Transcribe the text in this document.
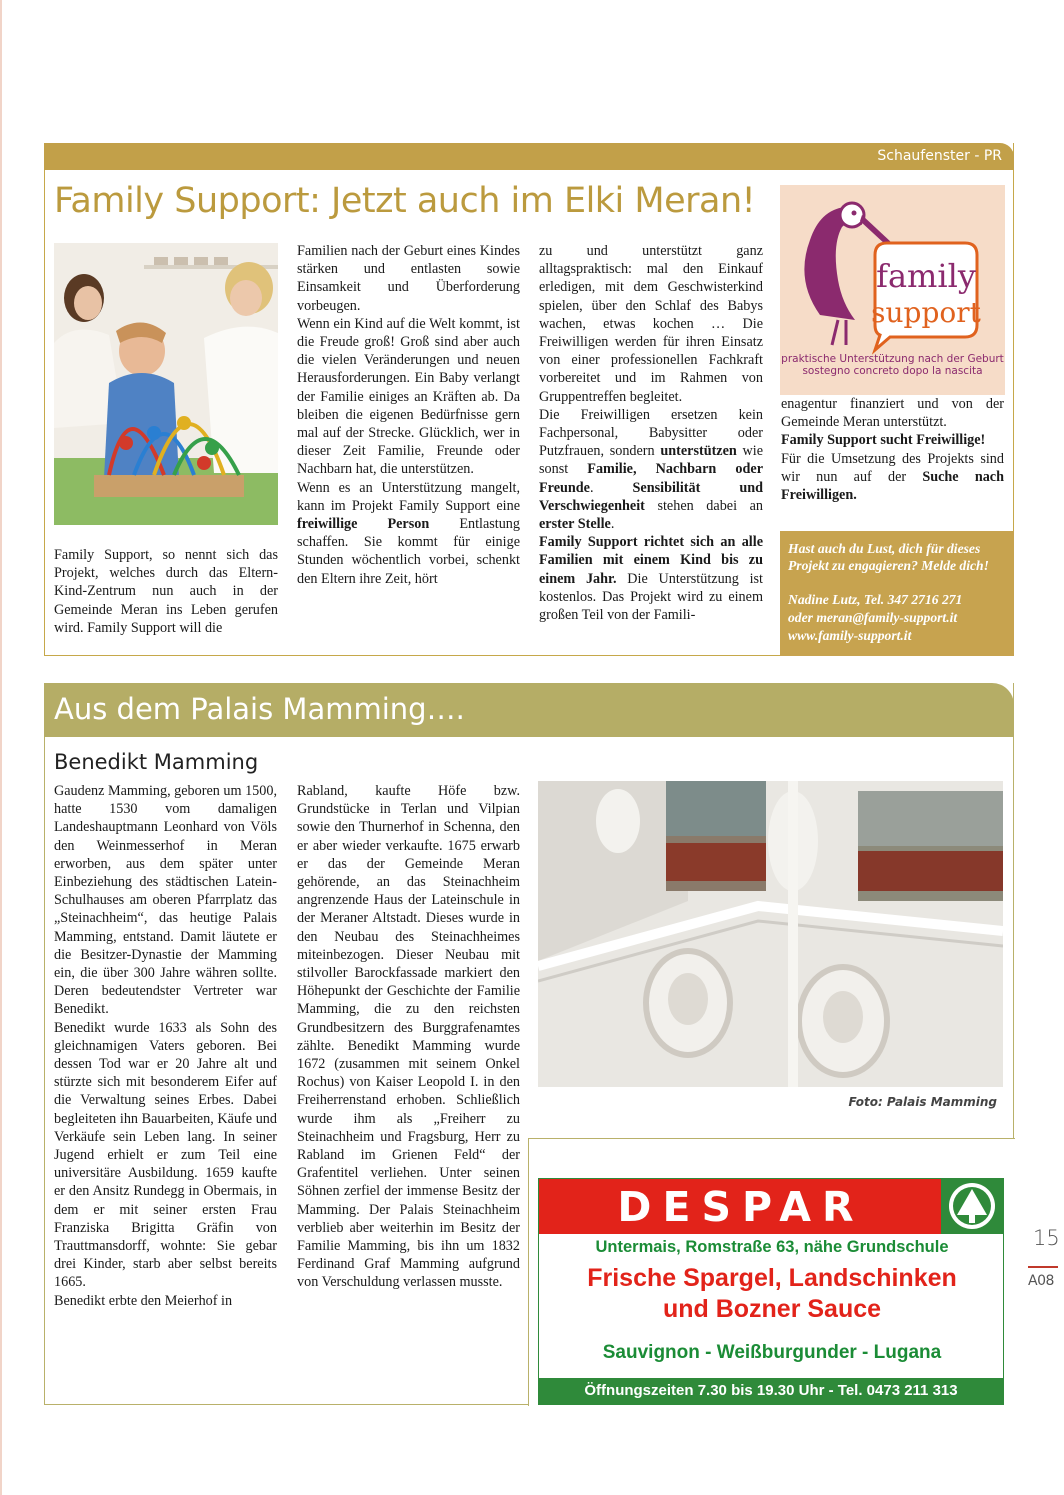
Schaufenster - PR
Family Support: Jetzt auch im Elki Meran!

Family Support, so nennt sich das Projekt, welches durch das Eltern-Kind-Zentrum nun auch in der Gemeinde Meran ins Leben gerufen wird. Family Support will die

Familien nach der Geburt eines Kindes stärken und entlasten sowie Einsamkeit und Überforderung vorbeugen.

Wenn ein Kind auf die Welt kommt, ist die Freude groß! Groß sind aber auch die vielen Veränderungen und neuen Herausforderungen. Ein Baby verlangt der Familie einiges an Kräften ab. Da bleiben die eigenen Bedürfnisse gern mal auf der Strecke. Glücklich, wer in dieser Zeit Familie, Freunde oder Nachbarn hat, die unterstützen.

Wenn es an Unterstützung mangelt, kann im Projekt Family Support eine freiwillige Person Entlastung schaffen. Sie kommt für einige Stunden wöchentlich vorbei, schenkt den Eltern ihre Zeit, hört

zu und unterstützt ganz alltagspraktisch: mal den Einkauf erledigen, mit dem Geschwisterkind spielen, über den Schlaf des Babys wachen, etwas kochen … Die Freiwilligen werden für ihren Einsatz von einer professionellen Fachkraft vorbereitet und im Rahmen von Gruppentreffen begleitet.

Die Freiwilligen ersetzen kein Fachpersonal, Babysitter oder Putzfrauen, sondern unterstützen wie sonst Familie, Nachbarn oder Freunde. Sensibilität und Verschwiegenheit stehen dabei an erster Stelle.

Family Support richtet sich an alle Familien mit einem Kind bis zu einem Jahr. Die Unterstützung ist kostenlos. Das Projekt wird zu einem großen Teil von der Famili-

family
support
praktische Unterstützung nach der Geburt
sostegno concreto dopo la nascita

enagentur finanziert und von der Gemeinde Meran unterstützt.

Family Support sucht Freiwillige!

Für die Umsetzung des Projekts sind wir nun auf der Suche nach Freiwilligen.

Hast auch du Lust, dich für dieses
Projekt zu engagieren? Melde dich!
Nadine Lutz, Tel. 347 2716 271
oder meran@family-support.it
www.family-support.it
Aus dem Palais Mamming….
Benedikt Mamming

Gaudenz Mamming, geboren um 1500, hatte 1530 vom damaligen Landeshauptmann Leonhard von Völs den Weinmesserhof in Meran erworben, aus dem später unter Einbeziehung des städtischen Latein-Schulhauses am oberen Pfarrplatz das „Steinachheim“, das heutige Palais Mamming, entstand. Damit läutete er die Besitzer-Dynastie der Mamming ein, die über 300 Jahre währen sollte. Deren bedeutendster Vertreter war Benedikt.

Benedikt wurde 1633 als Sohn des gleichnamigen Vaters geboren. Bei dessen Tod war er 20 Jahre alt und stürzte sich mit besonderem Eifer auf die Verwaltung seines Erbes. Dabei begleiteten ihn Bauarbeiten, Käufe und Verkäufe sein Leben lang. In seiner Jugend erhielt er zum Teil eine universitäre Ausbildung. 1659 kaufte er den Ansitz Rundegg in Obermais, in dem er mit seiner ersten Frau Franziska Brigitta Gräfin von Trauttmansdorff, wohnte: Sie gebar drei Kinder, starb aber selbst bereits 1665.

Benedikt erbte den Meierhof in

Rabland, kaufte Höfe bzw. Grundstücke in Terlan und Vilpian sowie den Thurnerhof in Schenna, den er aber wieder verkaufte. 1675 erwarb er das der Gemeinde Meran gehörende, an das Steinachheim angrenzende Haus der Lateinschule in der Meraner Altstadt. Dieses wurde in den Neubau des Steinachheimes miteinbezogen. Dieser Neubau mit stilvoller Barockfassade markiert den Höhepunkt der Geschichte der Familie Mamming, die zu den reichsten Grundbesitzern des Burggrafenamtes zählte. Benedikt Mamming wurde 1672 (zusammen mit seinem Onkel Rochus) von Kaiser Leopold I. in den Freiherrenstand erhoben. Schließlich wurde ihm als „Freiherr zu Steinachheim und Fragsburg, Herr zu Rabland im Grienen Feld“ der Grafentitel verliehen. Unter seinen Söhnen zerfiel der immense Besitz der Mamming. Der Palais Steinachheim verblieb aber weiterhin im Besitz der Familie Mamming, bis ihn um 1832 Ferdinand Graf Mamming aufgrund von Verschuldung verlassen musste.

Foto: Palais Mamming
DESPAR
Untermais, Romstraße 63, nähe Grundschule
Frische Spargel, Landschinken
und Bozner Sauce
Sauvignon - Weißburgunder - Lugana
Öffnungszeiten 7.30 bis 19.30 Uhr - Tel. 0473 211 313
15
A08
